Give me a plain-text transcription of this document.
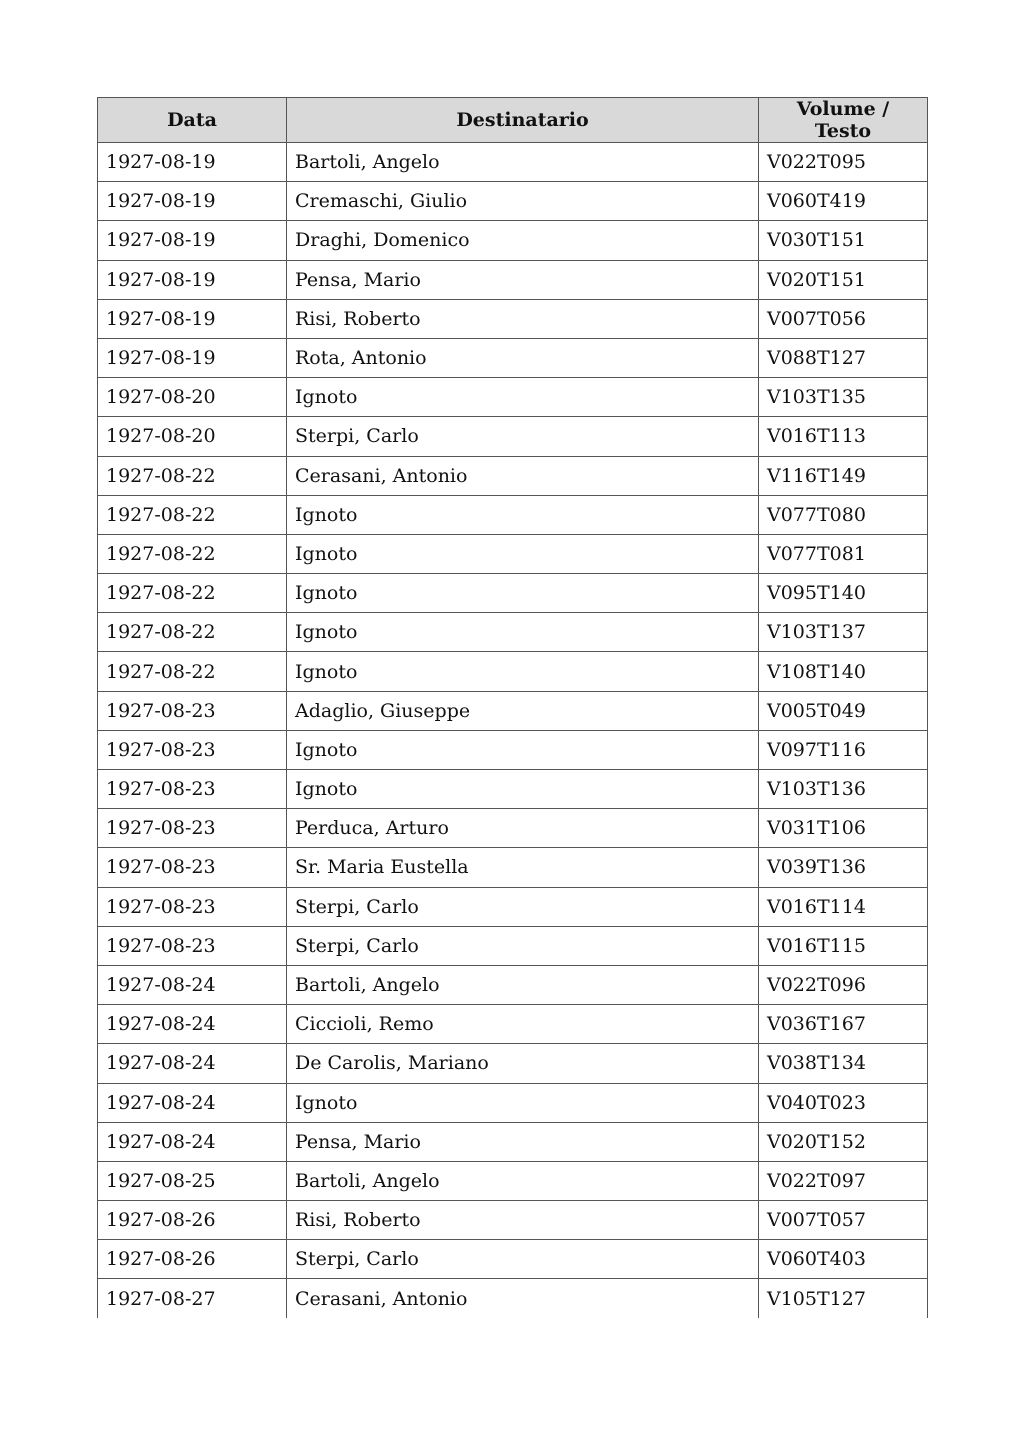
Data	Destinatario	Volume / Testo
1927-08-19	Bartoli, Angelo	V022T095
1927-08-19	Cremaschi, Giulio	V060T419
1927-08-19	Draghi, Domenico	V030T151
1927-08-19	Pensa, Mario	V020T151
1927-08-19	Risi, Roberto	V007T056
1927-08-19	Rota, Antonio	V088T127
1927-08-20	Ignoto	V103T135
1927-08-20	Sterpi, Carlo	V016T113
1927-08-22	Cerasani, Antonio	V116T149
1927-08-22	Ignoto	V077T080
1927-08-22	Ignoto	V077T081
1927-08-22	Ignoto	V095T140
1927-08-22	Ignoto	V103T137
1927-08-22	Ignoto	V108T140
1927-08-23	Adaglio, Giuseppe	V005T049
1927-08-23	Ignoto	V097T116
1927-08-23	Ignoto	V103T136
1927-08-23	Perduca, Arturo	V031T106
1927-08-23	Sr. Maria Eustella	V039T136
1927-08-23	Sterpi, Carlo	V016T114
1927-08-23	Sterpi, Carlo	V016T115
1927-08-24	Bartoli, Angelo	V022T096
1927-08-24	Ciccioli, Remo	V036T167
1927-08-24	De Carolis, Mariano	V038T134
1927-08-24	Ignoto	V040T023
1927-08-24	Pensa, Mario	V020T152
1927-08-25	Bartoli, Angelo	V022T097
1927-08-26	Risi, Roberto	V007T057
1927-08-26	Sterpi, Carlo	V060T403
1927-08-27	Cerasani, Antonio	V105T127
